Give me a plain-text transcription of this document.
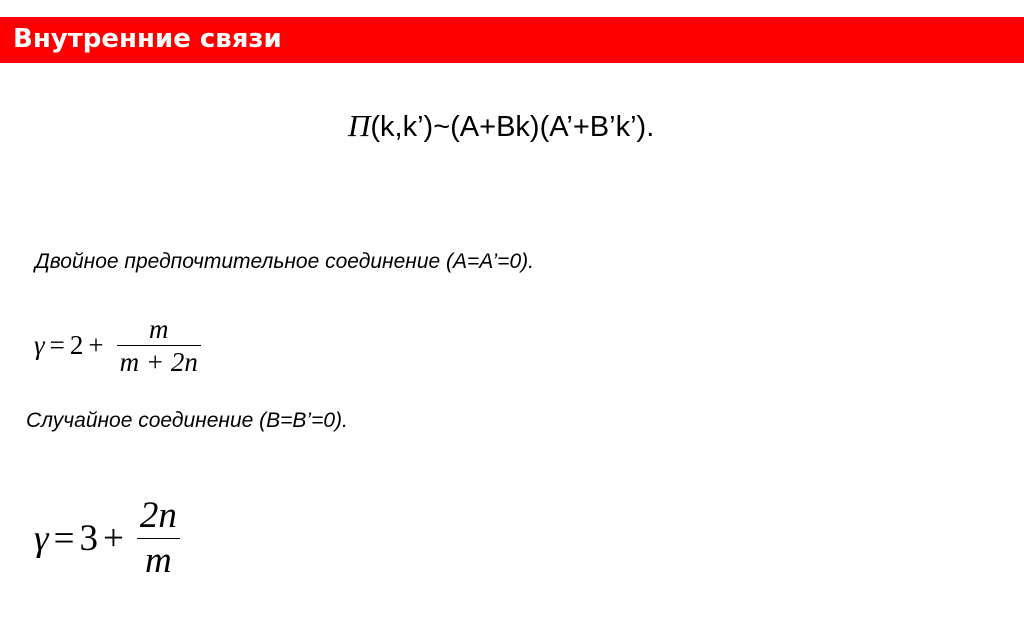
Внутренние связи
Π(k,k’)~(A+Bk)(A’+B’k’).
Двойное предпочтительное соединение (A=A’=0).
$\gamma = 2 + \frac{m}{m + 2n}$
Случайное соединение (B=B’=0).
$\gamma = 3 + \frac{2n}{m}$
